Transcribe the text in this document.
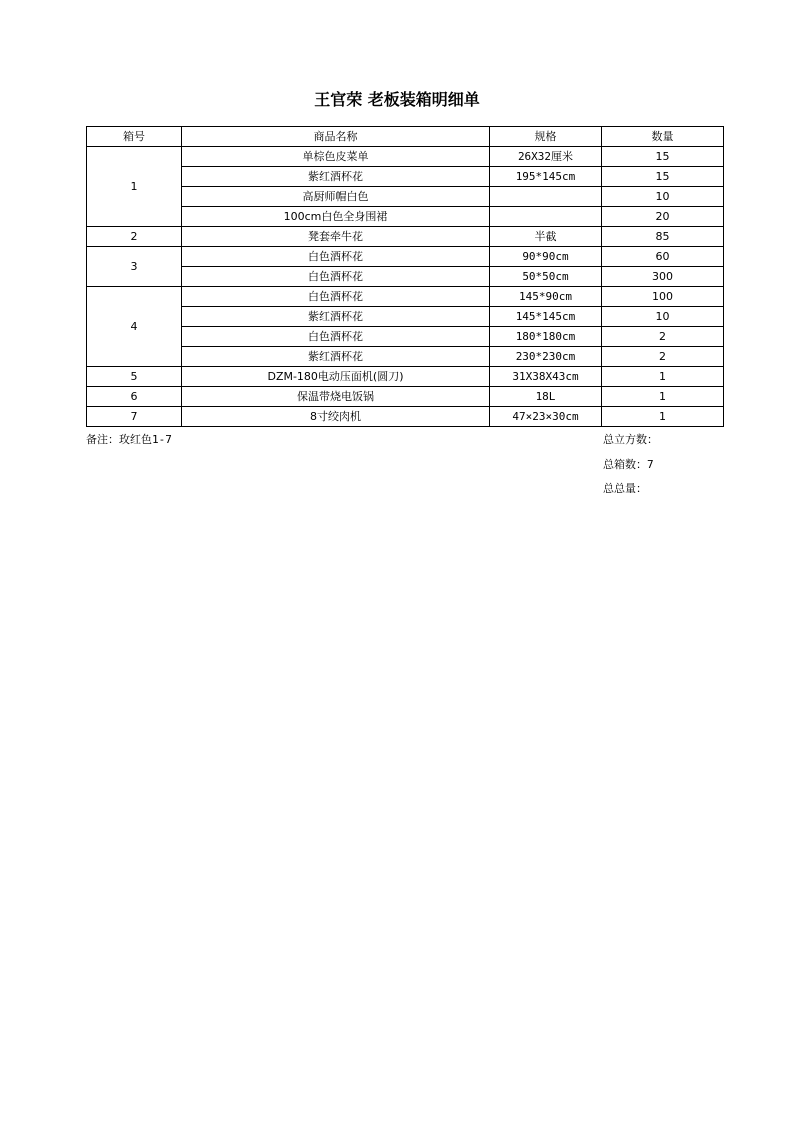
王官荣 老板装箱明细单
箱号	商品名称	规格	数量
1	单棕色皮菜单	26X32厘米	15
	紫红酒杯花	195*145cm	15
	高厨师帽白色		10
	100cm白色全身围裙		20
2	凳套牵牛花	半截	85
3	白色酒杯花	90*90cm	60
	白色酒杯花	50*50cm	300
4	白色酒杯花	145*90cm	100
	紫红酒杯花	145*145cm	10
	白色酒杯花	180*180cm	2
	紫红酒杯花	230*230cm	2
5	DZM-180电动压面机(圆刀)	31X38X43cm	1
6	保温带烧电饭锅	18L	1
7	8寸绞肉机	47×23×30cm	1
备注：玫红色1-7	总立方数：
总箱数：7
总总量：
